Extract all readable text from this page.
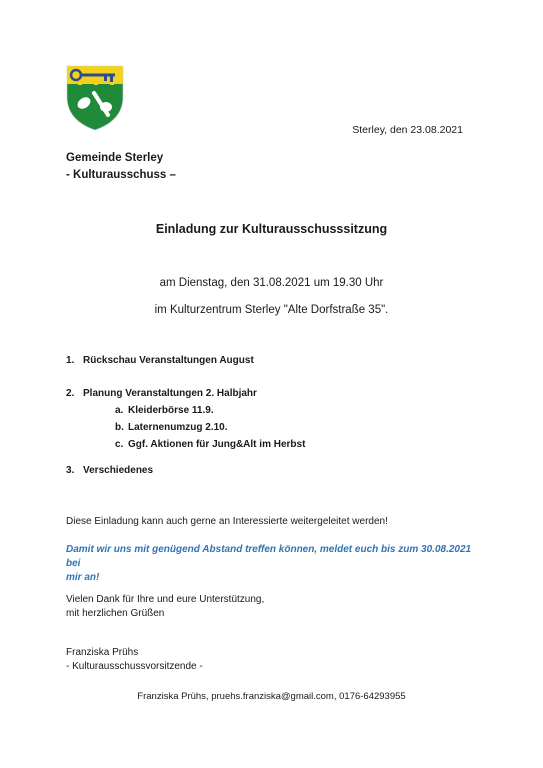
Sterley, den 23.08.2021
Gemeinde Sterley
- Kulturausschuss –
Einladung zur Kulturausschusssitzung
am Dienstag, den 31.08.2021 um 19.30 Uhr
im Kulturzentrum Sterley "Alte Dorfstraße 35".
1. Rückschau Veranstaltungen August
2. Planung Veranstaltungen 2. Halbjahr
a. Kleiderbörse 11.9.
b. Laternenumzug 2.10.
c. Ggf. Aktionen für Jung&Alt im Herbst
3. Verschiedenes
Diese Einladung kann auch gerne an Interessierte weitergeleitet werden!
Damit wir uns mit genügend Abstand treffen können, meldet euch bis zum 30.08.2021 bei
mir an!
Vielen Dank für Ihre und eure Unterstützung,
mit herzlichen Grüßen
Franziska Prühs
- Kulturausschussvorsitzende -
Franziska Prühs, pruehs.franziska@gmail.com, 0176-64293955
